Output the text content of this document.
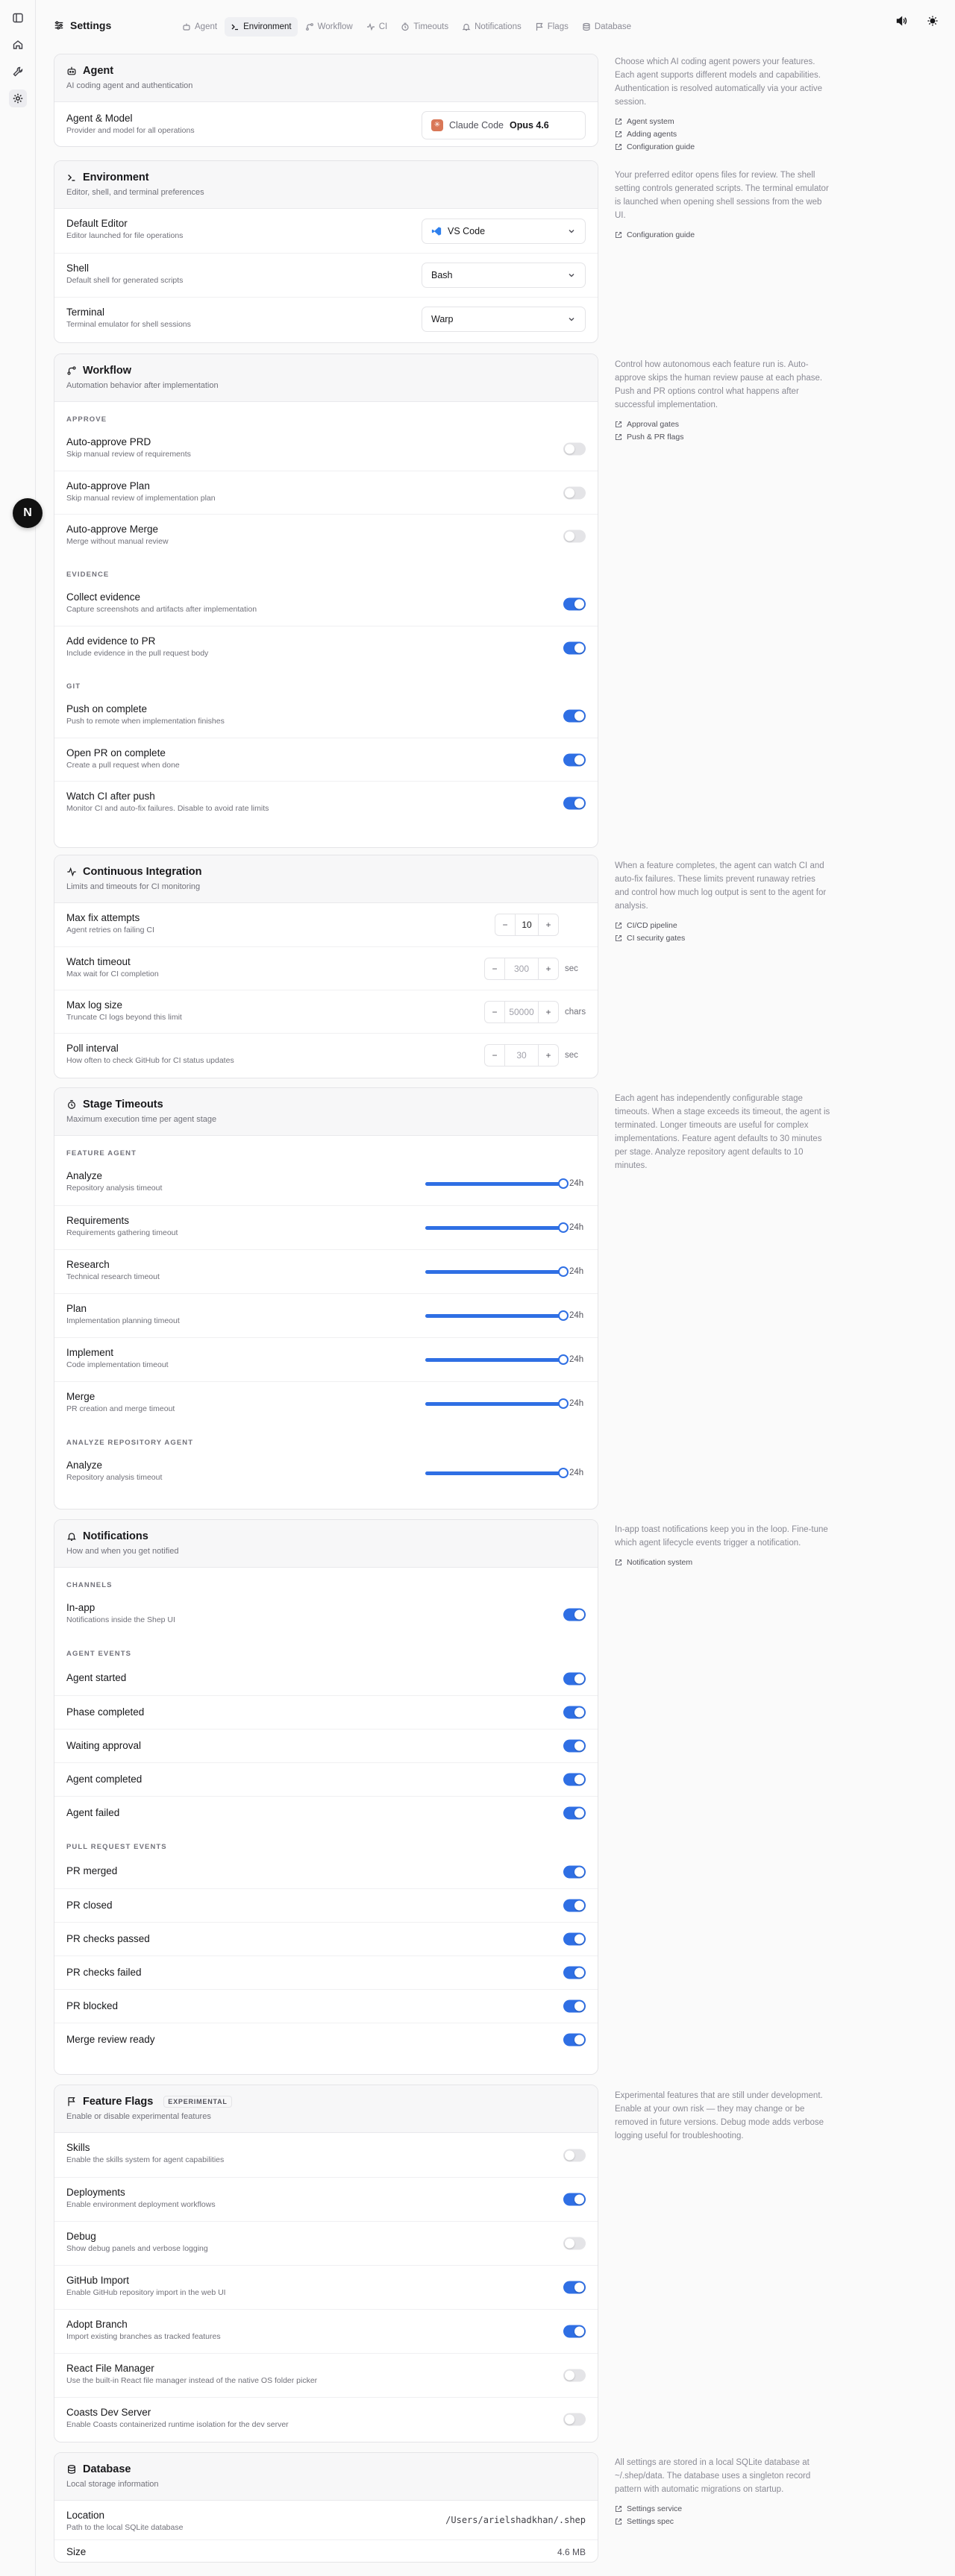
N
Settings	Agent	Environment	Workflow	CI	Timeouts	Notifications	Flags	Database
Agent
AI coding agent and authentication
Agent & Model
Provider and model for all operations
✳ Claude Code Opus 4.6
Environment
Editor, shell, and terminal preferences
Default Editor
Editor launched for file operations	VS Code
Shell
Default shell for generated scripts	Bash
Terminal
Terminal emulator for shell sessions	Warp
Workflow
Automation behavior after implementation
APPROVE
Auto-approve PRD
Skip manual review of requirements
Auto-approve Plan
Skip manual review of implementation plan
Auto-approve Merge
Merge without manual review
EVIDENCE
Collect evidence
Capture screenshots and artifacts after implementation
Add evidence to PR
Include evidence in the pull request body
GIT
Push on complete
Push to remote when implementation finishes
Open PR on complete
Create a pull request when done
Watch CI after push
Monitor CI and auto-fix failures. Disable to avoid rate limits
Continuous Integration
Limits and timeouts for CI monitoring
Max fix attempts
Agent retries on failing CI	−	10	+
Watch timeout
Max wait for CI completion
−	300	+	sec
Max log size
Truncate CI logs beyond this limit
−	50000	+	chars
Poll interval
How often to check GitHub for CI status updates
−	30	+	sec
Stage Timeouts
Maximum execution time per agent stage
FEATURE AGENT
Analyze
Repository analysis timeout
24h
Requirements
Requirements gathering timeout
24h
Research
Technical research timeout
24h
Plan
Implementation planning timeout
24h
Implement
Code implementation timeout
24h
Merge
PR creation and merge timeout
24h
ANALYZE REPOSITORY AGENT
Analyze
Repository analysis timeout
24h
Notifications
How and when you get notified
CHANNELS
In-app
Notifications inside the Shep UI
AGENT EVENTS
Agent started
Phase completed
Waiting approval
Agent completed
Agent failed
PULL REQUEST EVENTS
PR merged
PR closed
PR checks passed
PR checks failed
PR blocked
Merge review ready
Feature Flags	EXPERIMENTAL
Enable or disable experimental features
Skills
Enable the skills system for agent capabilities
Deployments
Enable environment deployment workflows
Debug
Show debug panels and verbose logging
GitHub Import
Enable GitHub repository import in the web UI
Adopt Branch
Import existing branches as tracked features
React File Manager
Use the built-in React file manager instead of the native OS folder picker
Coasts Dev Server
Enable Coasts containerized runtime isolation for the dev server
Database
Local storage information
Location
Path to the local SQLite database
/Users/arielshadkhan/.shep
Size	4.6 MB
Choose which AI coding agent powers your features. Each agent supports different models and capabilities. Authentication is resolved automatically via your active session.
Agent system
Adding agents
Configuration guide
Your preferred editor opens files for review. The shell setting controls generated scripts. The terminal emulator is launched when opening shell sessions from the web UI.
Configuration guide
Control how autonomous each feature run is. Auto-approve skips the human review pause at each phase. Push and PR options control what happens after successful implementation.
Approval gates
Push & PR flags
When a feature completes, the agent can watch CI and auto-fix failures. These limits prevent runaway retries and control how much log output is sent to the agent for analysis.
CI/CD pipeline
CI security gates
Each agent has independently configurable stage timeouts. When a stage exceeds its timeout, the agent is terminated. Longer timeouts are useful for complex implementations. Feature agent defaults to 30 minutes per stage. Analyze repository agent defaults to 10 minutes.
In-app toast notifications keep you in the loop. Fine-tune which agent lifecycle events trigger a notification.
Notification system
Experimental features that are still under development. Enable at your own risk — they may change or be removed in future versions. Debug mode adds verbose logging useful for troubleshooting.
All settings are stored in a local SQLite database at ~/.shep/data. The database uses a singleton record pattern with automatic migrations on startup.
Settings service
Settings spec
